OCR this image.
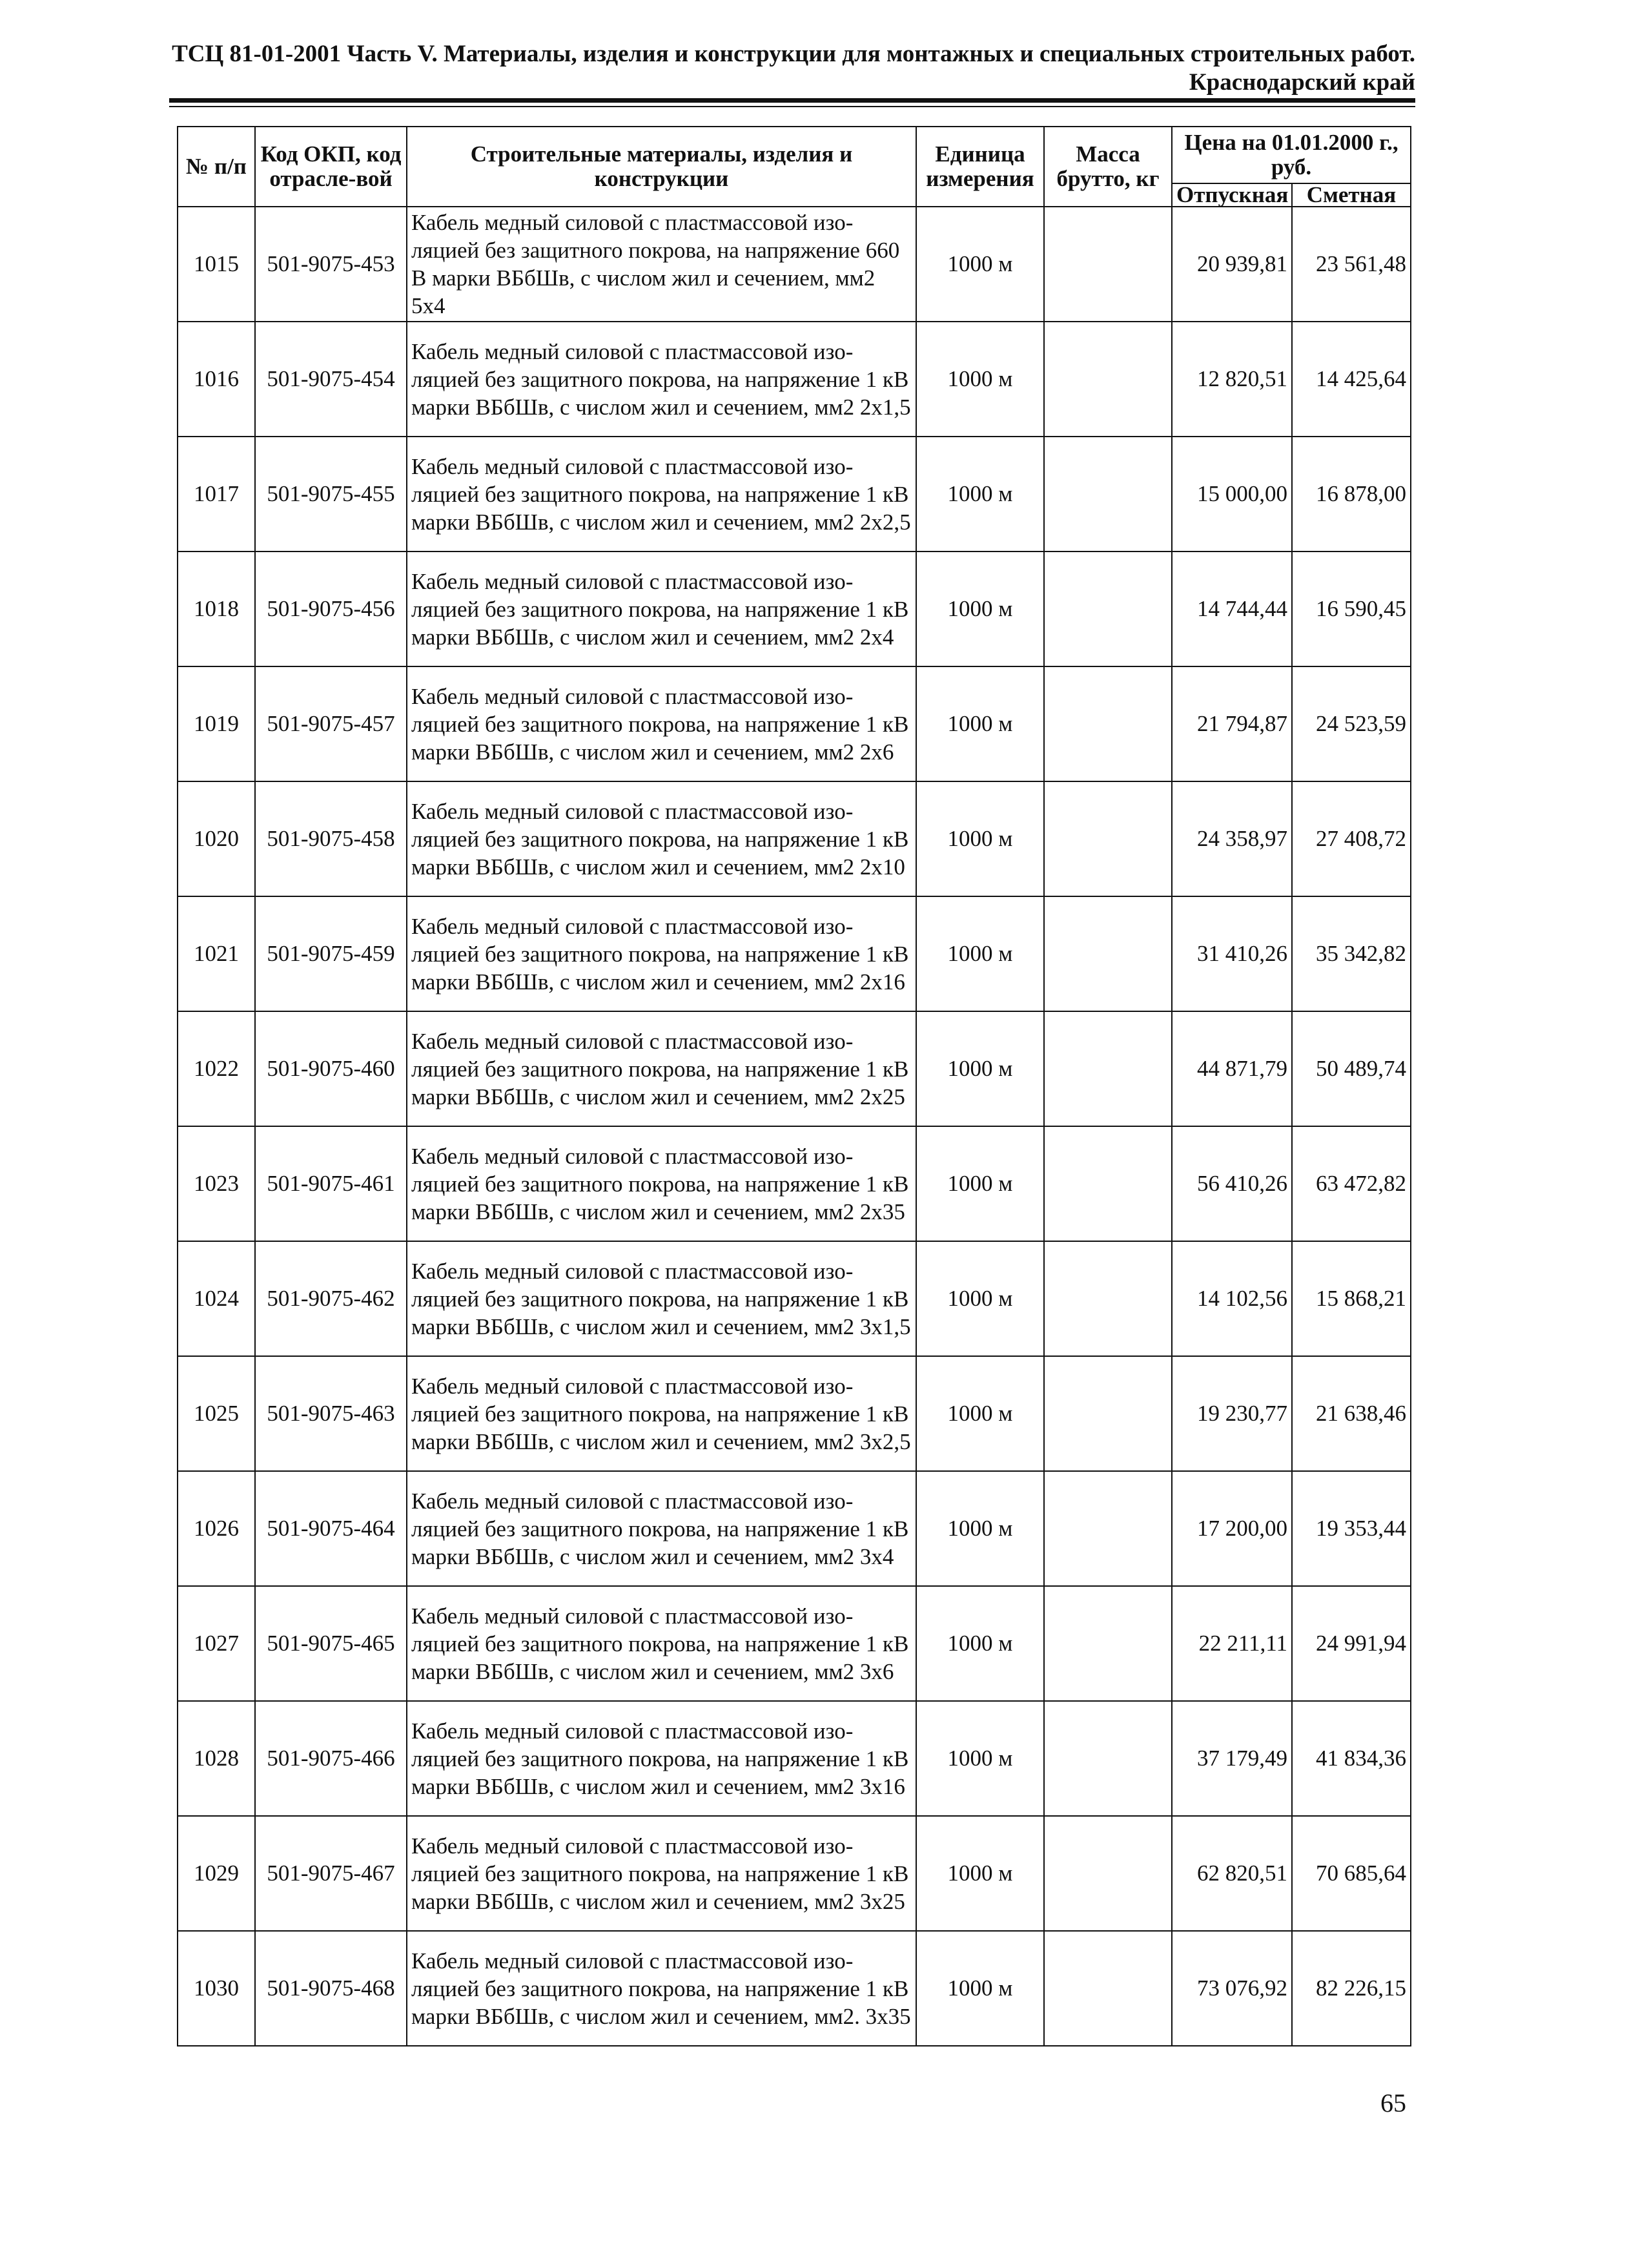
ТСЦ 81-01-2001 Часть V. Материалы, изделия и конструкции для монтажных и специальных строительных работ.
Краснодарский край
№ п/п	Код ОКП, код отрасле-вой	Строительные материалы, изделия и конструкции	Единица измерения	Масса брутто, кг	Цена на 01.01.2000 г., руб.	
					Отпускная	Сметная
1015	501-9075-453	Кабель медный силовой с пластмассовой изо-ляцией без защитного покрова, на напряжение 660 В марки ВБбШв, с числом жил и сечением, мм2 5х4	1000 м		20 939,81	23 561,48
1016	501-9075-454	Кабель медный силовой с пластмассовой изо-ляцией без защитного покрова, на напряжение 1 кВ марки ВБбШв, с числом жил и сечением, мм2 2х1,5	1000 м		12 820,51	14 425,64
1017	501-9075-455	Кабель медный силовой с пластмассовой изо-ляцией без защитного покрова, на напряжение 1 кВ марки ВБбШв, с числом жил и сечением, мм2 2х2,5	1000 м		15 000,00	16 878,00
1018	501-9075-456	Кабель медный силовой с пластмассовой изо-ляцией без защитного покрова, на напряжение 1 кВ марки ВБбШв, с числом жил и сечением, мм2 2х4	1000 м		14 744,44	16 590,45
1019	501-9075-457	Кабель медный силовой с пластмассовой изо-ляцией без защитного покрова, на напряжение 1 кВ марки ВБбШв, с числом жил и сечением, мм2 2х6	1000 м		21 794,87	24 523,59
1020	501-9075-458	Кабель медный силовой с пластмассовой изо-ляцией без защитного покрова, на напряжение 1 кВ марки ВБбШв, с числом жил и сечением, мм2 2х10	1000 м		24 358,97	27 408,72
1021	501-9075-459	Кабель медный силовой с пластмассовой изо-ляцией без защитного покрова, на напряжение 1 кВ марки ВБбШв, с числом жил и сечением, мм2 2х16	1000 м		31 410,26	35 342,82
1022	501-9075-460	Кабель медный силовой с пластмассовой изо-ляцией без защитного покрова, на напряжение 1 кВ марки ВБбШв, с числом жил и сечением, мм2 2х25	1000 м		44 871,79	50 489,74
1023	501-9075-461	Кабель медный силовой с пластмассовой изо-ляцией без защитного покрова, на напряжение 1 кВ марки ВБбШв, с числом жил и сечением, мм2 2х35	1000 м		56 410,26	63 472,82
1024	501-9075-462	Кабель медный силовой с пластмассовой изо-ляцией без защитного покрова, на напряжение 1 кВ марки ВБбШв, с числом жил и сечением, мм2 3х1,5	1000 м		14 102,56	15 868,21
1025	501-9075-463	Кабель медный силовой с пластмассовой изо-ляцией без защитного покрова, на напряжение 1 кВ марки ВБбШв, с числом жил и сечением, мм2 3х2,5	1000 м		19 230,77	21 638,46
1026	501-9075-464	Кабель медный силовой с пластмассовой изо-ляцией без защитного покрова, на напряжение 1 кВ марки ВБбШв, с числом жил и сечением, мм2 3х4	1000 м		17 200,00	19 353,44
1027	501-9075-465	Кабель медный силовой с пластмассовой изо-ляцией без защитного покрова, на напряжение 1 кВ марки ВБбШв, с числом жил и сечением, мм2 3х6	1000 м		22 211,11	24 991,94
1028	501-9075-466	Кабель медный силовой с пластмассовой изо-ляцией без защитного покрова, на напряжение 1 кВ марки ВБбШв, с числом жил и сечением, мм2 3х16	1000 м		37 179,49	41 834,36
1029	501-9075-467	Кабель медный силовой с пластмассовой изо-ляцией без защитного покрова, на напряжение 1 кВ марки ВБбШв, с числом жил и сечением, мм2 3х25	1000 м		62 820,51	70 685,64
1030	501-9075-468	Кабель медный силовой с пластмассовой изо-ляцией без защитного покрова, на напряжение 1 кВ марки ВБбШв, с числом жил и сечением, мм2. 3х35	1000 м		73 076,92	82 226,15
65
